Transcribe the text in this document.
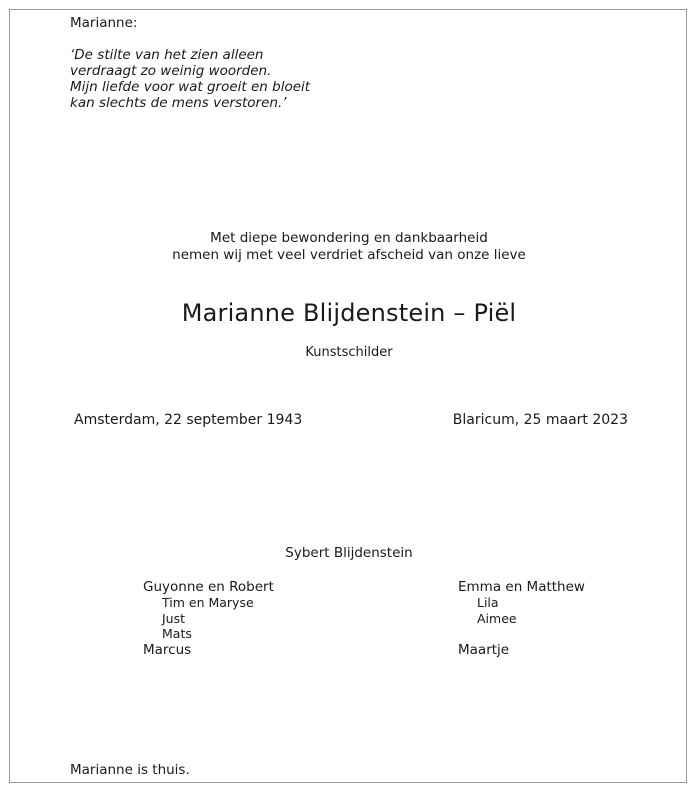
Marianne:
‘De stilte van het zien alleen
verdraagt zo weinig woorden.
Mijn liefde voor wat groeit en bloeit
kan slechts de mens verstoren.’
Met diepe bewondering en dankbaarheid
nemen wij met veel verdriet afscheid van onze lieve
Marianne Blijdenstein – Piël
Kunstschilder
Amsterdam, 22 september 1943	Blaricum, 25 maart 2023
Sybert Blijdenstein
Guyonne en Robert
Tim en Maryse
Just
Mats
Marcus
Emma en Matthew
Lila
Aimee

Maartje
Marianne is thuis.
